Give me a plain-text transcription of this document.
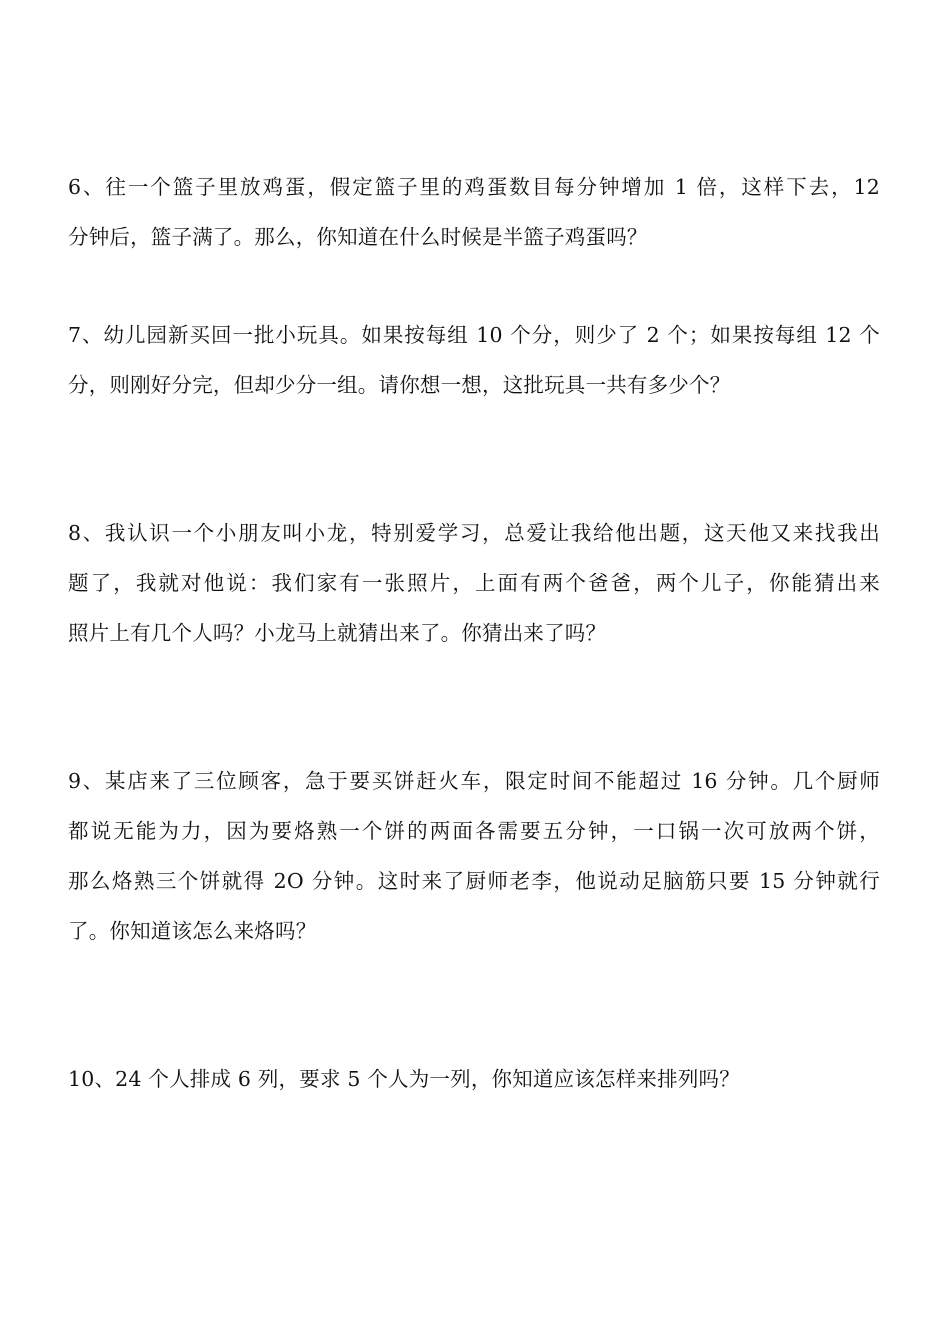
6、往一个篮子里放鸡蛋，假定篮子里的鸡蛋数目每分钟增加 1 倍，这样下去，12
分钟后，篮子满了。那么，你知道在什么时候是半篮子鸡蛋吗？
7、幼儿园新买回一批小玩具。如果按每组 10 个分，则少了 2 个；如果按每组 12 个
分，则刚好分完，但却少分一组。请你想一想，这批玩具一共有多少个？
8、我认识一个小朋友叫小龙，特别爱学习，总爱让我给他出题，这天他又来找我出
题了，我就对他说：我们家有一张照片，上面有两个爸爸，两个儿子，你能猜出来
照片上有几个人吗？小龙马上就猜出来了。你猜出来了吗？
9、某店来了三位顾客，急于要买饼赶火车，限定时间不能超过 16 分钟。几个厨师
都说无能为力，因为要烙熟一个饼的两面各需要五分钟，一口锅一次可放两个饼，
那么烙熟三个饼就得 2O 分钟。这时来了厨师老李，他说动足脑筋只要 15 分钟就行
了。你知道该怎么来烙吗？
10、24 个人排成 6 列，要求 5 个人为一列，你知道应该怎样来排列吗？
